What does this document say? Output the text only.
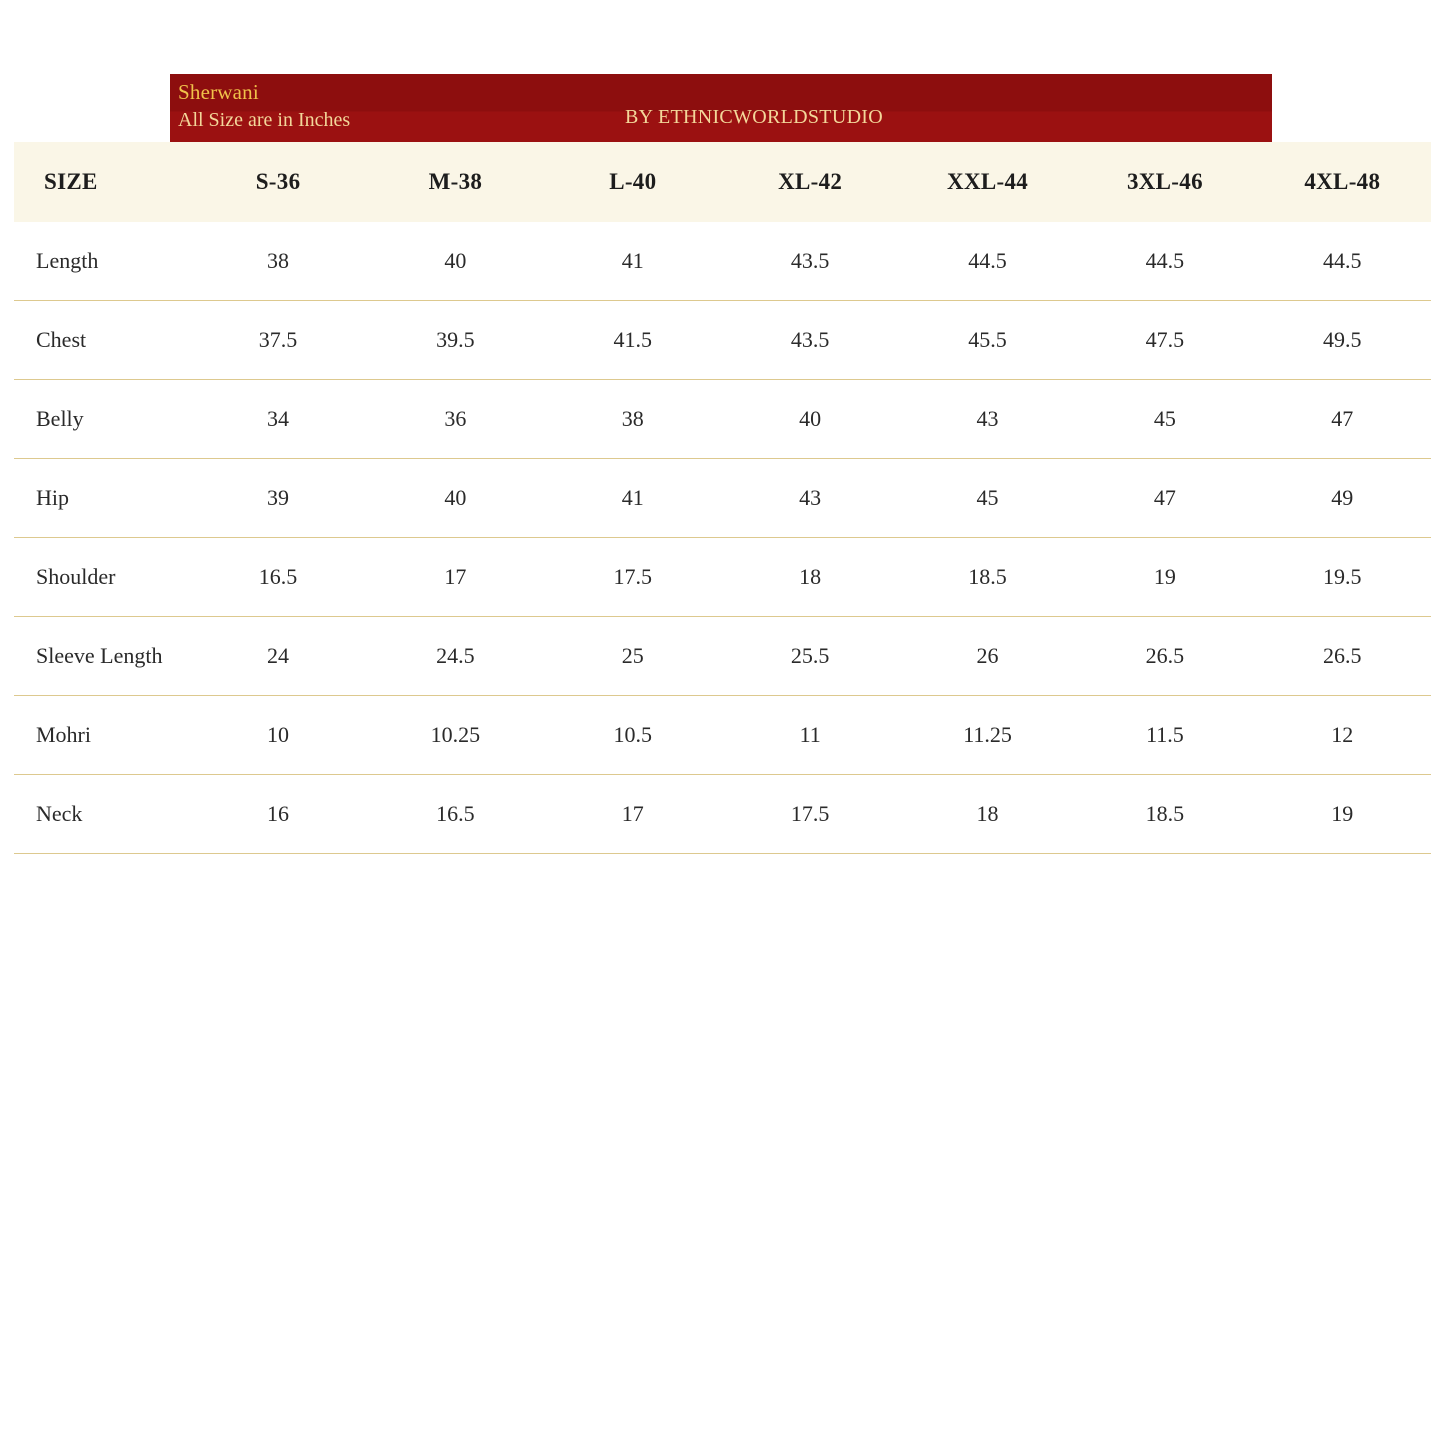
Sherwani
All Size are in Inches	BY ETHNICWORLDSTUDIO
SIZE	S-36	M-38	L-40	XL-42	XXL-44	3XL-46	4XL-48
Length	38	40	41	43.5	44.5	44.5	44.5
Chest	37.5	39.5	41.5	43.5	45.5	47.5	49.5
Belly	34	36	38	40	43	45	47
Hip	39	40	41	43	45	47	49
Shoulder	16.5	17	17.5	18	18.5	19	19.5
Sleeve Length	24	24.5	25	25.5	26	26.5	26.5
Mohri	10	10.25	10.5	11	11.25	11.5	12
Neck	16	16.5	17	17.5	18	18.5	19
